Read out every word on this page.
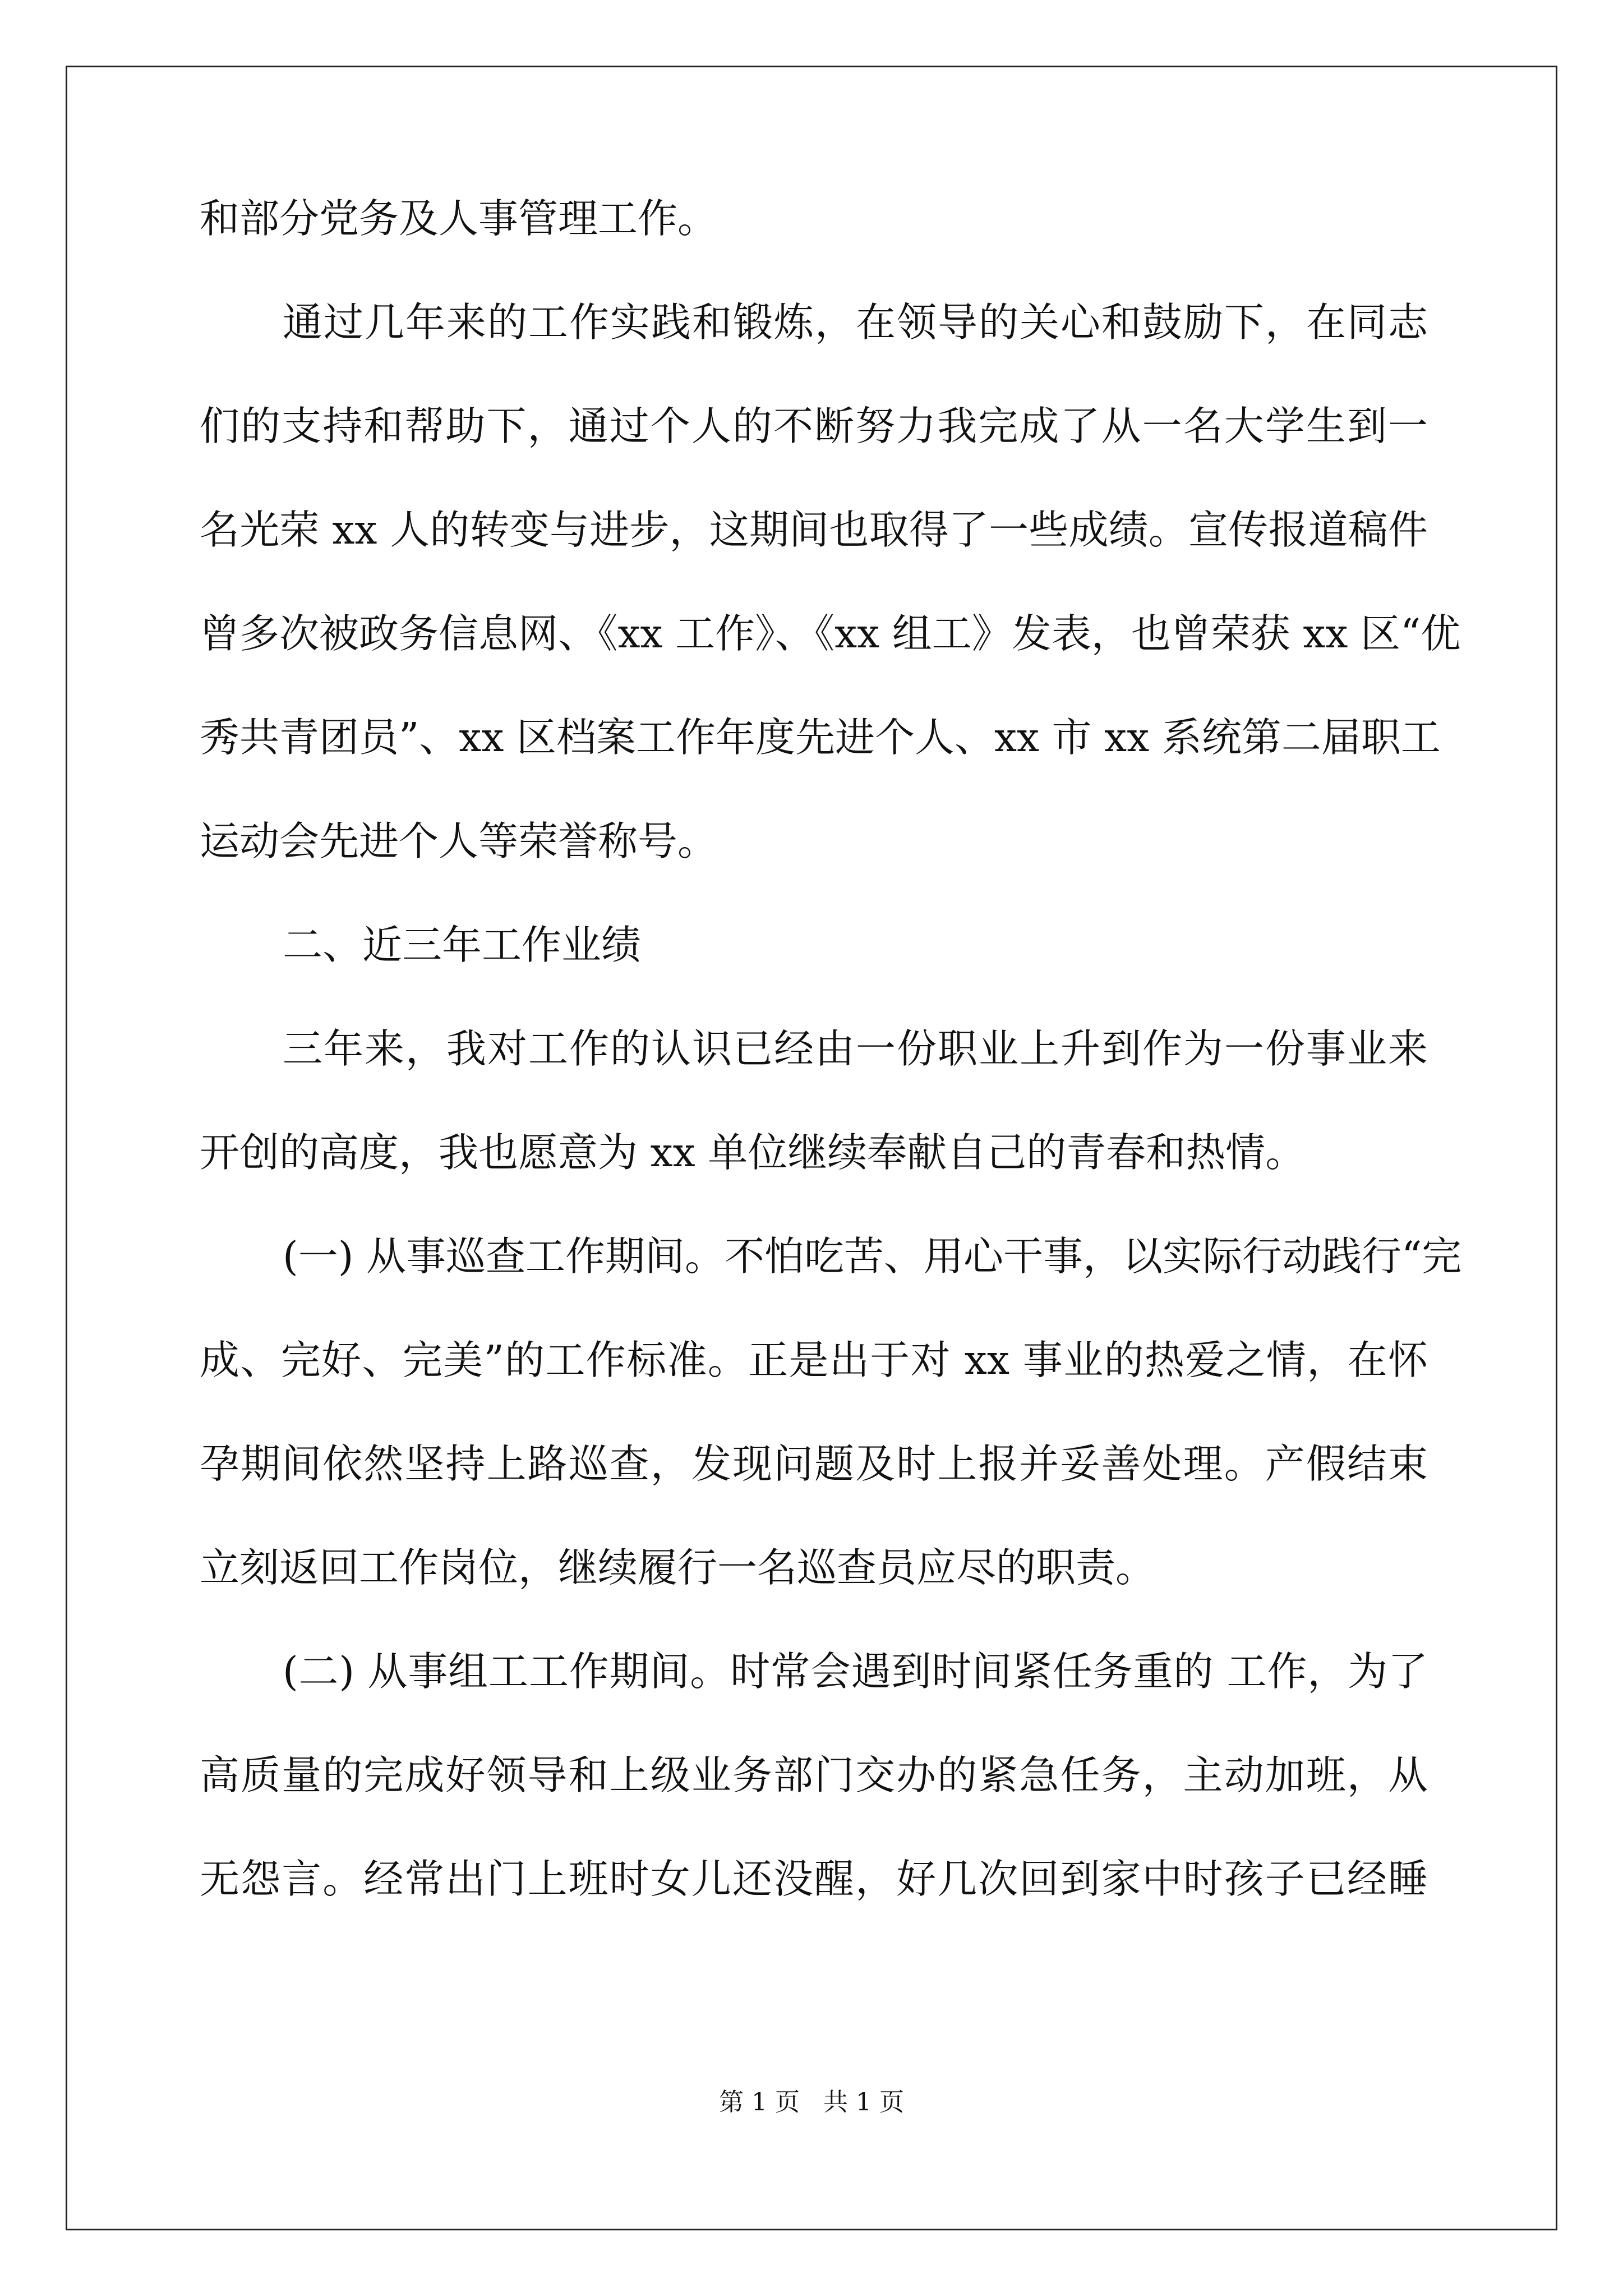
和部分党务及人事管理工作。
通过几年来的工作实践和锻炼，在领导的关心和鼓励下，在同志
们的支持和帮助下，通过个人的不断努力我完成了从一名大学生到一
名光荣 xx 人的转变与进步，这期间也取得了一些成绩。宣传报道稿件
曾多次被政务信息网、《xx 工作》、《xx 组工》发表，也曾荣获 xx 区“优
秀共青团员”、xx 区档案工作年度先进个人、xx 市 xx 系统第二届职工
运动会先进个人等荣誉称号。
二、近三年工作业绩
三年来，我对工作的认识已经由一份职业上升到作为一份事业来
开创的高度，我也愿意为 xx 单位继续奉献自己的青春和热情。
(一) 从事巡查工作期间。不怕吃苦、用心干事，以实际行动践行“完
成、完好、完美”的工作标准。正是出于对 xx 事业的热爱之情，在怀
孕期间依然坚持上路巡查，发现问题及时上报并妥善处理。产假结束
立刻返回工作岗位，继续履行一名巡查员应尽的职责。
(二) 从事组工工作期间。时常会遇到时间紧任务重的 工作，为了
高质量的完成好领导和上级业务部门交办的紧急任务，主动加班，从
无怨言。经常出门上班时女儿还没醒，好几次回到家中时孩子已经睡
第 1 页   共 1 页
